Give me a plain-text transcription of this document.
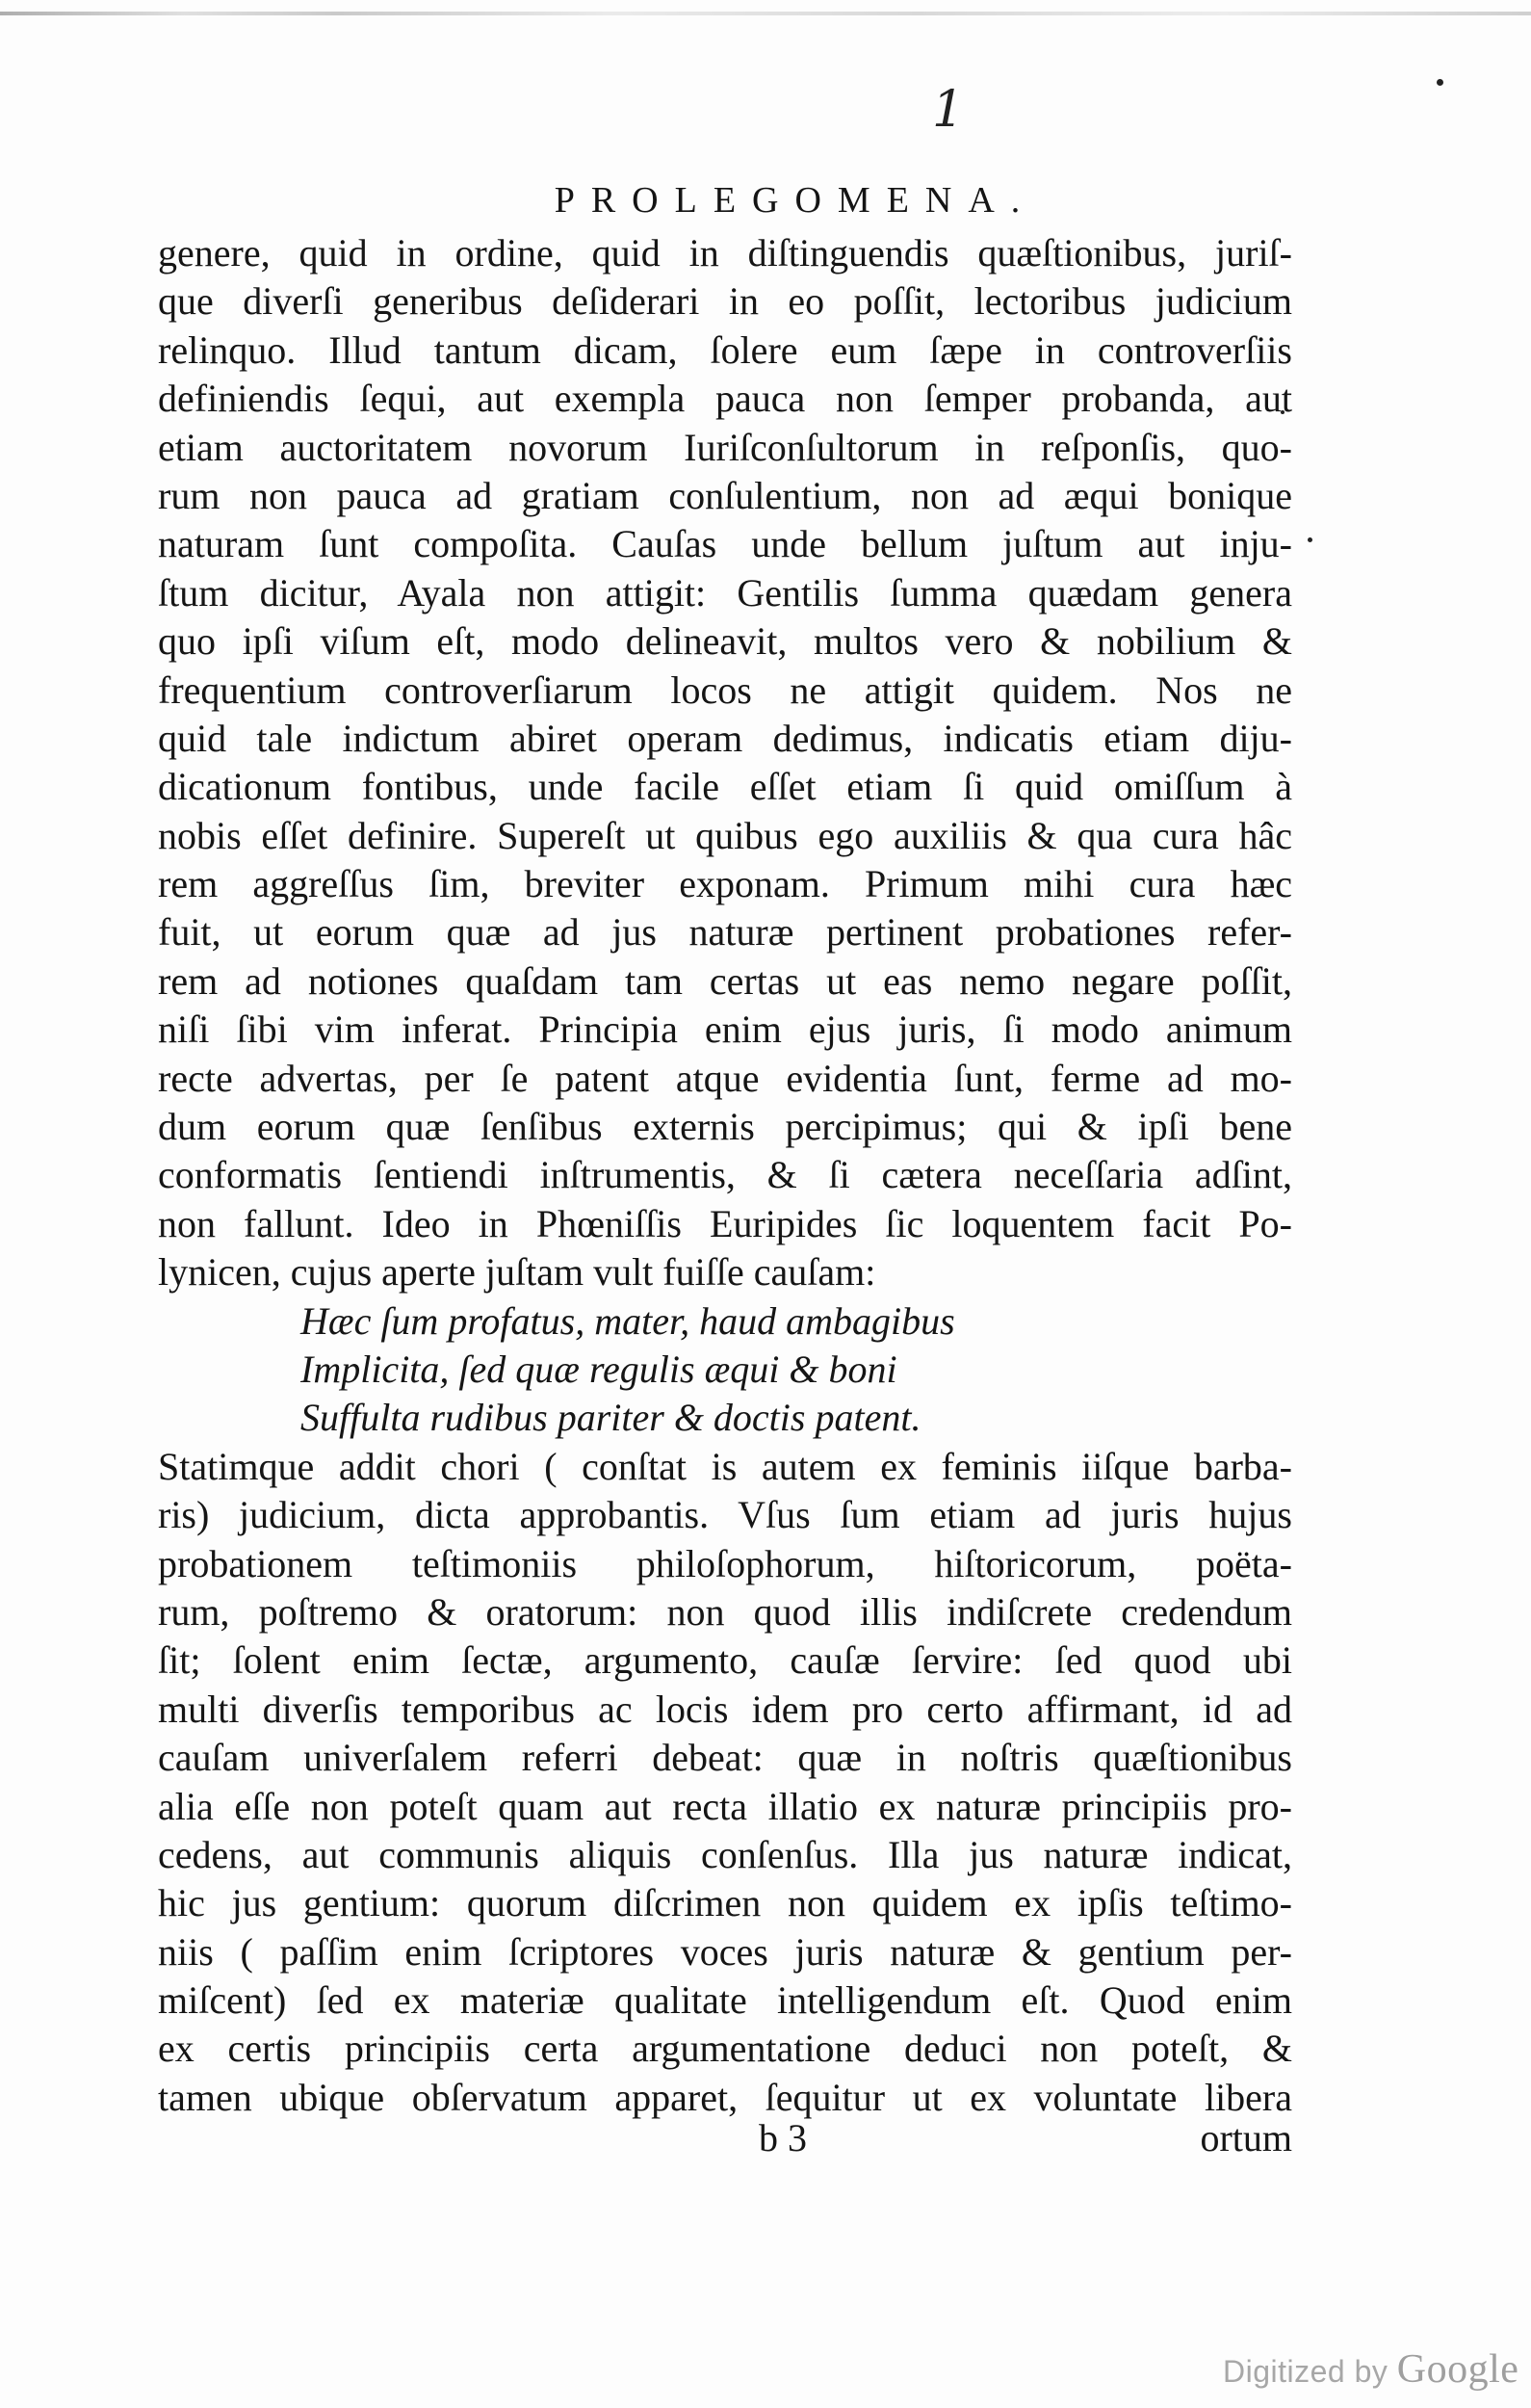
1
PROLEGOMENA.
genere, quid in ordine, quid in diſtinguendis quæſtionibus, juriſ-
que diverſi generibus deſiderari in eo poſſit, lectoribus judicium
relinquo. Illud tantum dicam, ſolere eum ſæpe in controverſiis
definiendis ſequi, aut exempla pauca non ſemper probanda, aut
etiam auctoritatem novorum Iuriſconſultorum in reſponſis, quo-
rum non pauca ad gratiam conſulentium, non ad æqui bonique
naturam ſunt compoſita. Cauſas unde bellum juſtum aut inju-
ſtum dicitur, Ayala non attigit: Gentilis ſumma quædam genera
quo ipſi viſum eſt, modo delineavit, multos vero & nobilium &
frequentium controverſiarum locos ne attigit quidem. Nos ne
quid tale indictum abiret operam dedimus, indicatis etiam diju-
dicationum fontibus, unde facile eſſet etiam ſi quid omiſſum à
nobis eſſet definire. Supereſt ut quibus ego auxiliis & qua cura hâc
rem aggreſſus ſim, breviter exponam. Primum mihi cura hæc
fuit, ut eorum quæ ad jus naturæ pertinent probationes refer-
rem ad notiones quaſdam tam certas ut eas nemo negare poſſit,
niſi ſibi vim inferat. Principia enim ejus juris, ſi modo animum
recte advertas, per ſe patent atque evidentia ſunt, ferme ad mo-
dum eorum quæ ſenſibus externis percipimus; qui & ipſi bene
conformatis ſentiendi inſtrumentis, & ſi cætera neceſſaria adſint,
non fallunt. Ideo in Phœniſſis Euripides ſic loquentem facit Po-
lynicen, cujus aperte juſtam vult fuiſſe cauſam:
Hæc ſum profatus, mater, haud ambagibus
Implicita, ſed quæ regulis æqui & boni
Suffulta rudibus pariter & doctis patent.
Statimque addit chori ( conſtat is autem ex feminis iiſque barba-
ris) judicium, dicta approbantis. Vſus ſum etiam ad juris hujus
probationem teſtimoniis philoſophorum, hiſtoricorum, poëta-
rum, poſtremo & oratorum: non quod illis indiſcrete credendum
ſit; ſolent enim ſectæ, argumento, cauſæ ſervire: ſed quod ubi
multi diverſis temporibus ac locis idem pro certo affirmant, id ad
cauſam univerſalem referri debeat: quæ in noſtris quæſtionibus
alia eſſe non poteſt quam aut recta illatio ex naturæ principiis pro-
cedens, aut communis aliquis conſenſus. Illa jus naturæ indicat,
hic jus gentium: quorum diſcrimen non quidem ex ipſis teſtimo-
niis ( paſſim enim ſcriptores voces juris naturæ & gentium per-
miſcent) ſed ex materiæ qualitate intelligendum eſt. Quod enim
ex certis principiis certa argumentatione deduci non poteſt, &
tamen ubique obſervatum apparet, ſequitur ut ex voluntate libera
b 3	ortum
Digitized by Google
